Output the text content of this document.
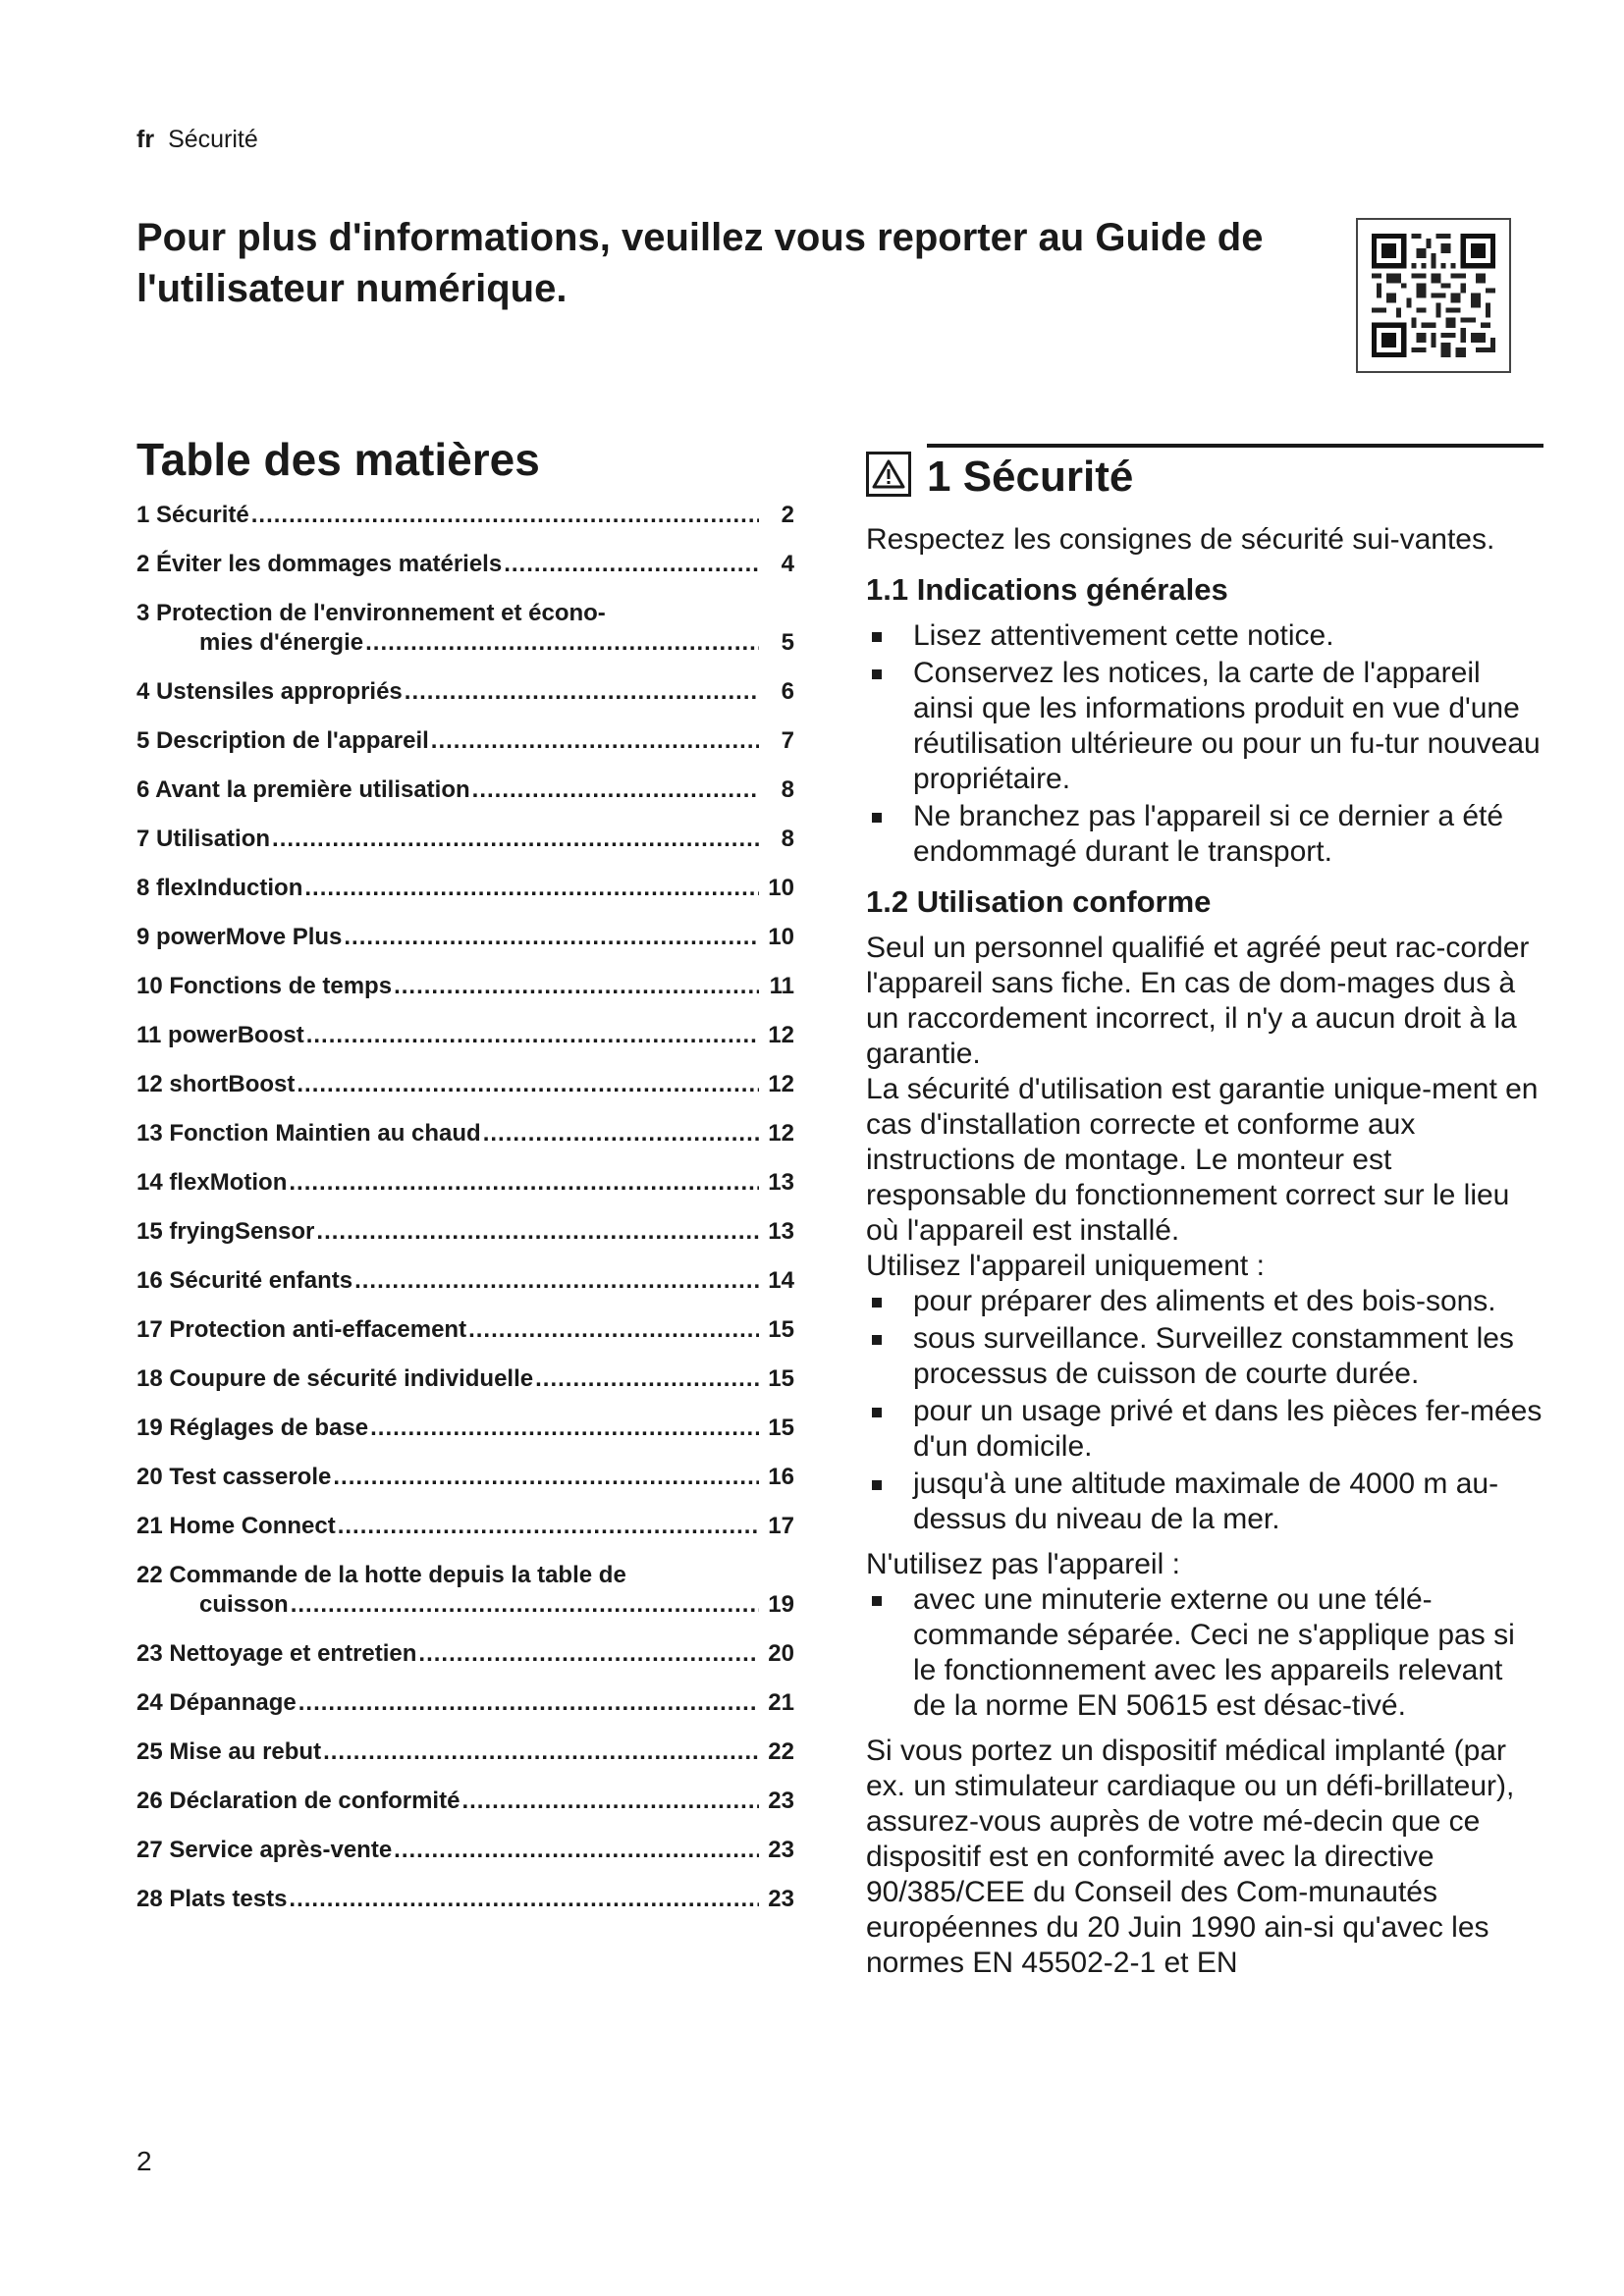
fr Sécurité
Pour plus d'informations, veuillez vous reporter au Guide de l'utilisateur numérique.
Table des matières
1 Sécurité .....	2
2 Éviter les dommages matériels .....	4
3 Protection de l'environnement et écono-
mies d'énergie .....	5
4 Ustensiles appropriés .....	6
5 Description de l'appareil .....	7
6 Avant la première utilisation .....	8
7 Utilisation .....	8
8 flexInduction .....	10
9 powerMove Plus .....	10
10 Fonctions de temps .....	11
11 powerBoost .....	12
12 shortBoost .....	12
13 Fonction Maintien au chaud .....	12
14 flexMotion .....	13
15 fryingSensor .....	13
16 Sécurité enfants .....	14
17 Protection anti-effacement .....	15
18 Coupure de sécurité individuelle .....	15
19 Réglages de base .....	15
20 Test casserole .....	16
21 Home Connect .....	17
22 Commande de la hotte depuis la table de
cuisson .....	19
23 Nettoyage et entretien .....	20
24 Dépannage .....	21
25 Mise au rebut .....	22
26 Déclaration de conformité .....	23
27 Service après-vente .....	23
28 Plats tests .....	23
1 Sécurité
Respectez les consignes de sécurité sui-vantes.
1.1 Indications générales
Lisez attentivement cette notice.
Conservez les notices, la carte de l'appareil ainsi que les informations produit en vue d'une réutilisation ultérieure ou pour un fu-tur nouveau propriétaire.
Ne branchez pas l'appareil si ce dernier a été endommagé durant le transport.
1.2 Utilisation conforme
Seul un personnel qualifié et agréé peut rac-corder l'appareil sans fiche. En cas de dom-mages dus à un raccordement incorrect, il n'y a aucun droit à la garantie.
La sécurité d'utilisation est garantie unique-ment en cas d'installation correcte et conforme aux instructions de montage. Le monteur est responsable du fonctionnement correct sur le lieu où l'appareil est installé.
Utilisez l'appareil uniquement :
pour préparer des aliments et des bois-sons.
sous surveillance. Surveillez constamment les processus de cuisson de courte durée.
pour un usage privé et dans les pièces fer-mées d'un domicile.
jusqu'à une altitude maximale de 4000 m au-dessus du niveau de la mer.
N'utilisez pas l'appareil :
avec une minuterie externe ou une télé-commande séparée. Ceci ne s'applique pas si le fonctionnement avec les appareils relevant de la norme EN 50615 est désac-tivé.
Si vous portez un dispositif médical implanté (par ex. un stimulateur cardiaque ou un défi-brillateur), assurez-vous auprès de votre mé-decin que ce dispositif est en conformité avec la directive 90/385/CEE du Conseil des Com-munautés européennes du 20 Juin 1990 ain-si qu'avec les normes EN 45502-2-1 et EN
2
